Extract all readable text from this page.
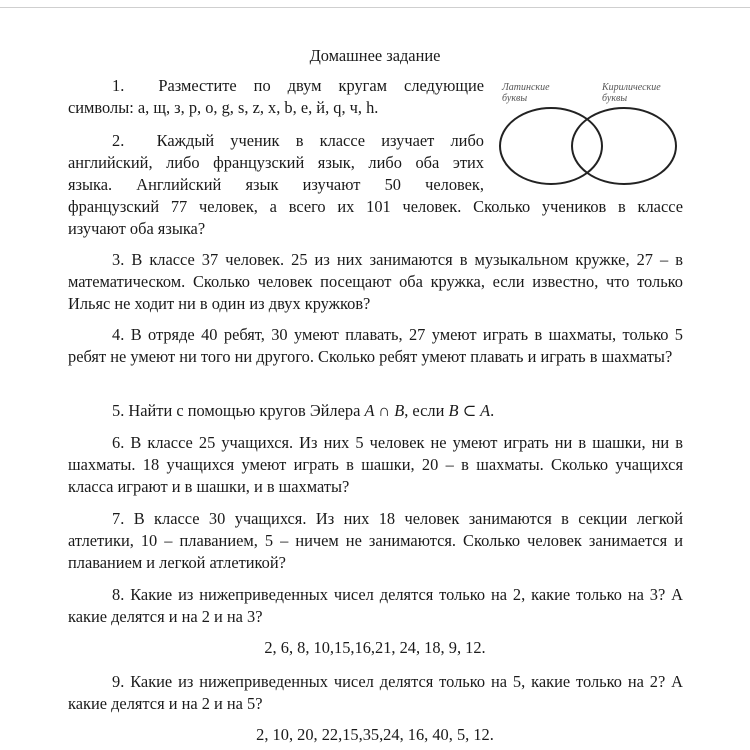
Домашнее задание
1. Разместите по двум кругам следующие
символы: a, щ, з, p, o, g, s, z, x, b, e, й, q, ч, h.
Латинские
буквы
Кирилические
буквы
2. Каждый ученик в классе изучает либо
английский, либо французский язык, либо оба этих
языка. Английский язык изучают 50 человек,
французский 77 человек, а всего их 101 человек. Сколько учеников в классе
изучают оба языка?

3. В классе 37 человек. 25 из них занимаются в музыкальном кружке, 27 – в математическом. Сколько человек посещают оба кружка, если известно, что только Ильяс не ходит ни в один из двух кружков?

4. В отряде 40 ребят, 30 умеют плавать, 27 умеют играть в шахматы, только 5 ребят не умеют ни того ни другого. Сколько ребят умеют плавать и играть в шахматы?

5. Найти с помощью кругов Эйлера A ∩ B, если B ⊂ A.

6. В классе 25 учащихся. Из них 5 человек не умеют играть ни в шашки, ни в шахматы. 18 учащихся умеют играть в шашки, 20 – в шахматы. Сколько учащихся класса играют и в шашки, и в шахматы?

7. В классе 30 учащихся. Из них 18 человек занимаются в секции легкой атлетики, 10 – плаванием, 5 – ничем не занимаются. Сколько человек занимается и плаванием и легкой атлетикой?

8. Какие из нижеприведенных чисел делятся только на 2, какие только на 3? А какие делятся и на 2 и на 3?

2, 6, 8, 10,15,16,21, 24, 18, 9, 12.

9. Какие из нижеприведенных чисел делятся только на 5, какие только на 2? А какие делятся и на 2 и на 5?

2, 10, 20, 22,15,35,24, 16, 40, 5, 12.
